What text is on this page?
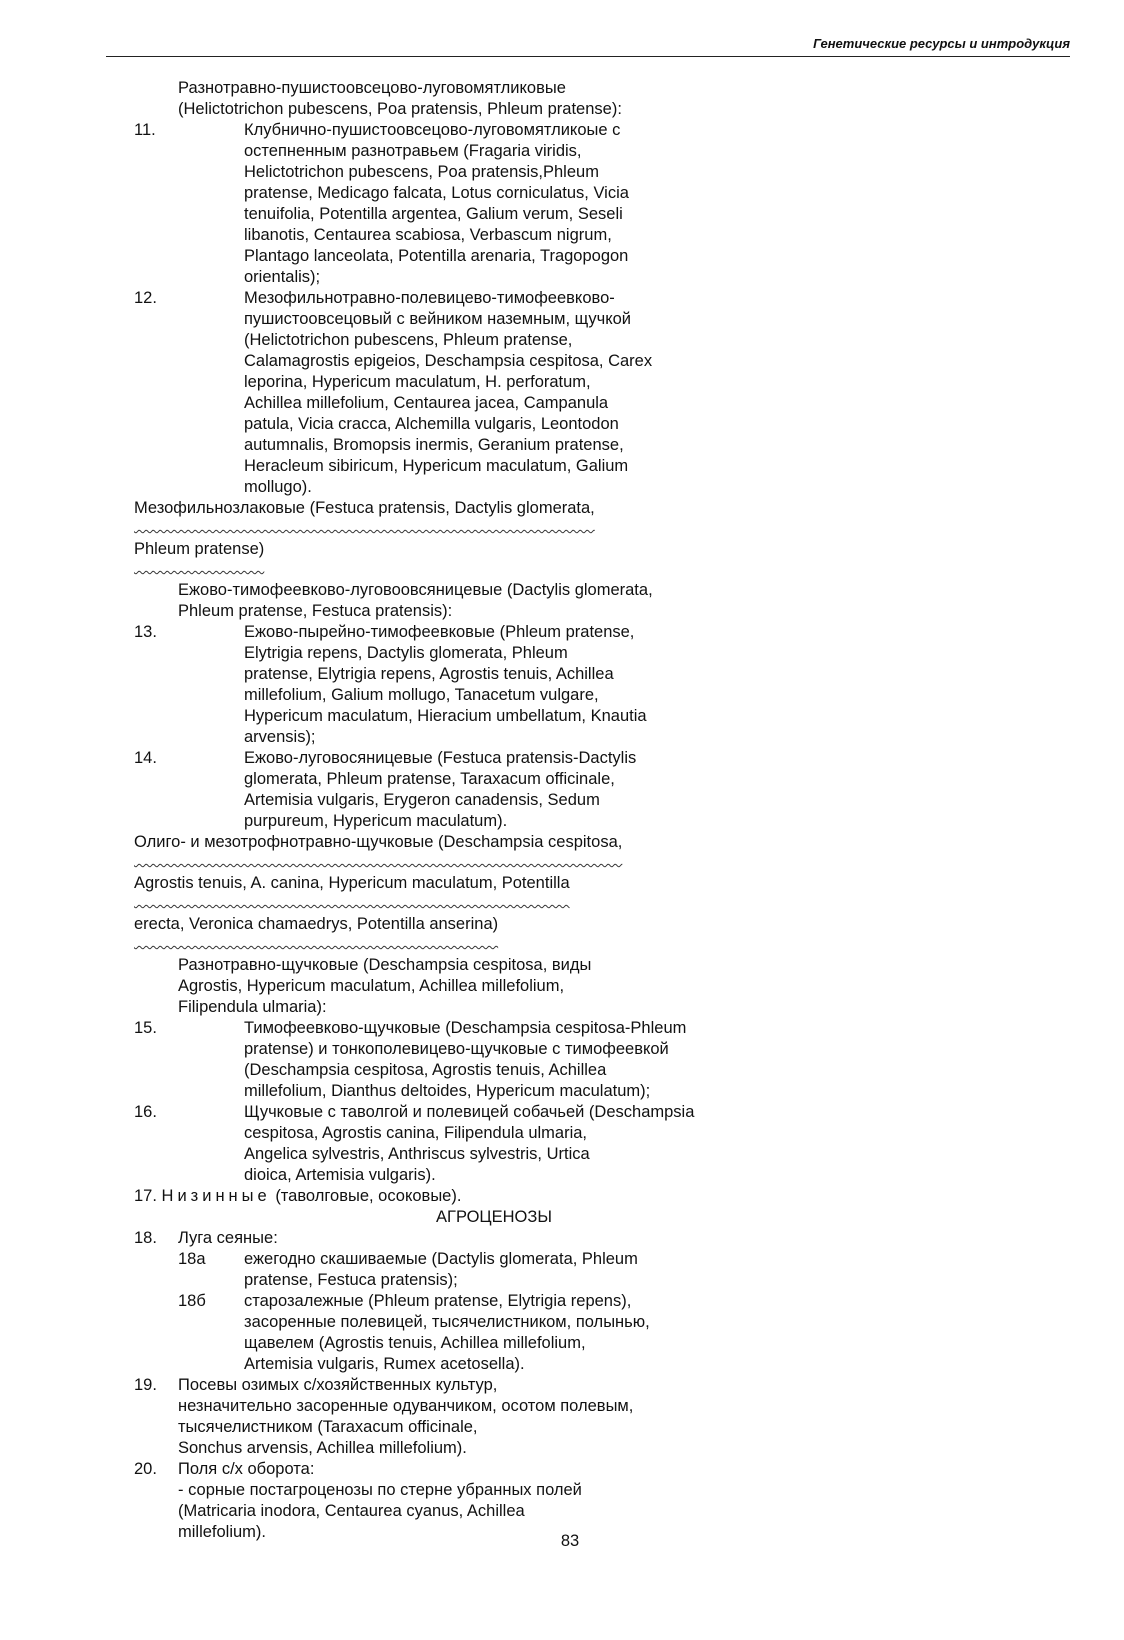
Генетические ресурсы и интродукция
Разнотравно-пушистоовсецово-луговомятликовые
(Helictotrichon pubescens, Poa pratensis, Phleum pratense):
11.	Клубнично-пушистоовсецово-луговомятликоые с
остепненным разнотравьем (Fragaria viridis,
Helictotrichon pubescens, Poa pratensis,Phleum
pratense, Medicago falcata, Lotus corniculatus, Vicia
tenuifolia, Potentilla argentea, Galium verum, Seseli
libanotis, Centaurea scabiosa, Verbascum nigrum,
Plantago lanceolata, Potentilla arenaria, Tragopogon
orientalis);
12.	Мезофильнотравно-полевицево-тимофеевково-
пушистоовсецовый с вейником наземным, щучкой
(Helictotrichon pubescens, Phleum pratense,
Calamagrostis epigeios, Deschampsia cespitosa, Carex
leporina, Hypericum maculatum, H. perforatum,
Achillea millefolium, Centaurea jacea, Campanula
patula, Vicia cracca, Alchemilla vulgaris, Leontodon
autumnalis, Bromopsis inermis, Geranium pratense,
Heracleum sibiricum, Hypericum maculatum, Galium
mollugo).
Мезофильнозлаковые (Festuca pratensis, Dactylis glomerata,
Phleum pratense)
Ежово-тимофеевково-луговоовсяницевые (Dactylis glomerata,
Phleum pratense, Festuca pratensis):
13.	Ежово-пырейно-тимофеевковые (Phleum pratense,
Elytrigia repens, Dactylis glomerata, Phleum
pratense, Elytrigia repens, Agrostis tenuis, Achillea
millefolium, Galium mollugo, Tanacetum vulgare,
Hypericum maculatum, Hieracium umbellatum, Knautia
arvensis);
14.	Ежово-луговосяницевые (Festuca pratensis-Dactylis
glomerata, Phleum pratense, Taraxacum officinale,
Artemisia vulgaris, Erygeron canadensis, Sedum
purpureum, Hypericum maculatum).
Олиго- и мезотрофнотравно-щучковые (Deschampsia cespitosa,
Agrostis tenuis, A. canina, Hypericum maculatum, Potentilla
erecta, Veronica chamaedrys, Potentilla anserina)
Разнотравно-щучковые (Deschampsia cespitosa, виды
Agrostis, Hypericum maculatum, Achillea millefolium,
Filipendula ulmaria):
15.	Тимофеевково-щучковые (Deschampsia cespitosa-Phleum
pratense) и тонкополевицево-щучковые с тимофеевкой
(Deschampsia cespitosa, Agrostis tenuis, Achillea
millefolium, Dianthus deltoides, Hypericum maculatum);
16.	Щучковые с таволгой и полевицей собачьей (Deschampsia
cespitosa, Agrostis canina, Filipendula ulmaria,
Angelica sylvestris, Anthriscus sylvestris, Urtica
dioica, Artemisia vulgaris).
17. Низинные (таволговые, осоковые).
АГРОЦЕНОЗЫ
18. Луга сеяные:
18а	ежегодно скашиваемые (Dactylis glomerata, Phleum
pratense, Festuca pratensis);
18б	старозалежные (Phleum pratense, Elytrigia repens),
засоренные полевицей, тысячелистником, полынью,
щавелем (Agrostis tenuis, Achillea millefolium,
Artemisia vulgaris, Rumex acetosella).
19. Посевы озимых с/хозяйственных культур,
незначительно засоренные одуванчиком, осотом полевым,
тысячелистником (Taraxacum officinale,
Sonchus arvensis, Achillea millefolium).
20. Поля с/х оборота:
- сорные постагроценозы по стерне убранных полей
(Matricaria inodora, Centaurea cyanus, Achillea
millefolium).	83
